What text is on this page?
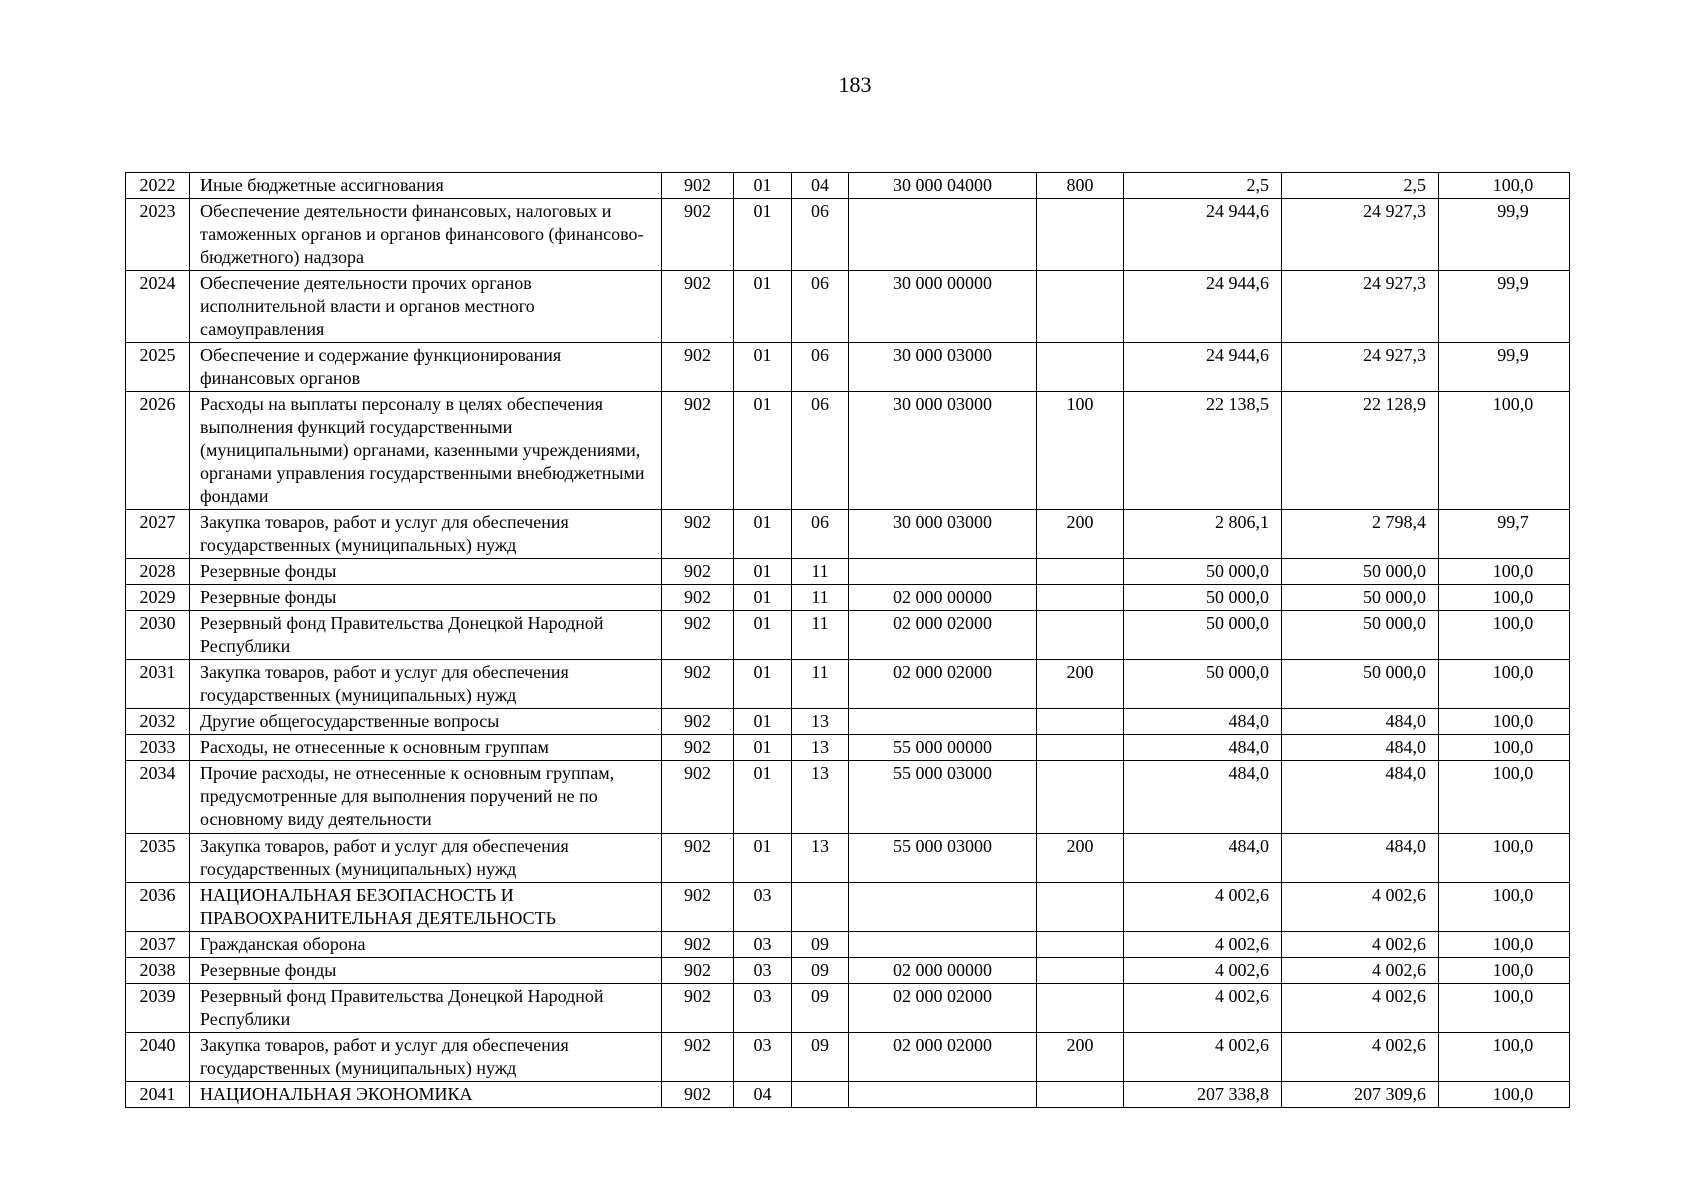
183
2022	Иные бюджетные ассигнования	902	01	04	30 000 04000	800	2,5	2,5	100,0
2023	Обеспечение деятельности финансовых, налоговых и таможенных органов и органов финансового (финансово-бюджетного) надзора	902	01	06			24 944,6	24 927,3	99,9
2024	Обеспечение деятельности прочих органов исполнительной власти и органов местного самоуправления	902	01	06	30 000 00000		24 944,6	24 927,3	99,9
2025	Обеспечение и содержание функционирования финансовых органов	902	01	06	30 000 03000		24 944,6	24 927,3	99,9
2026	Расходы на выплаты персоналу в целях обеспечения выполнения функций государственными (муниципальными) органами, казенными учреждениями, органами управления государственными внебюджетными фондами	902	01	06	30 000 03000	100	22 138,5	22 128,9	100,0
2027	Закупка товаров, работ и услуг для обеспечения государственных (муниципальных) нужд	902	01	06	30 000 03000	200	2 806,1	2 798,4	99,7
2028	Резервные фонды	902	01	11			50 000,0	50 000,0	100,0
2029	Резервные фонды	902	01	11	02 000 00000		50 000,0	50 000,0	100,0
2030	Резервный фонд Правительства Донецкой Народной Республики	902	01	11	02 000 02000		50 000,0	50 000,0	100,0
2031	Закупка товаров, работ и услуг для обеспечения государственных (муниципальных) нужд	902	01	11	02 000 02000	200	50 000,0	50 000,0	100,0
2032	Другие общегосударственные вопросы	902	01	13			484,0	484,0	100,0
2033	Расходы, не отнесенные к основным группам	902	01	13	55 000 00000		484,0	484,0	100,0
2034	Прочие расходы, не отнесенные к основным группам, предусмотренные для выполнения поручений не по основному виду деятельности	902	01	13	55 000 03000		484,0	484,0	100,0
2035	Закупка товаров, работ и услуг для обеспечения государственных (муниципальных) нужд	902	01	13	55 000 03000	200	484,0	484,0	100,0
2036	НАЦИОНАЛЬНАЯ БЕЗОПАСНОСТЬ И ПРАВООХРАНИТЕЛЬНАЯ ДЕЯТЕЛЬНОСТЬ	902	03				4 002,6	4 002,6	100,0
2037	Гражданская оборона	902	03	09			4 002,6	4 002,6	100,0
2038	Резервные фонды	902	03	09	02 000 00000		4 002,6	4 002,6	100,0
2039	Резервный фонд Правительства Донецкой Народной Республики	902	03	09	02 000 02000		4 002,6	4 002,6	100,0
2040	Закупка товаров, работ и услуг для обеспечения государственных (муниципальных) нужд	902	03	09	02 000 02000	200	4 002,6	4 002,6	100,0
2041	НАЦИОНАЛЬНАЯ ЭКОНОМИКА	902	04				207 338,8	207 309,6	100,0
